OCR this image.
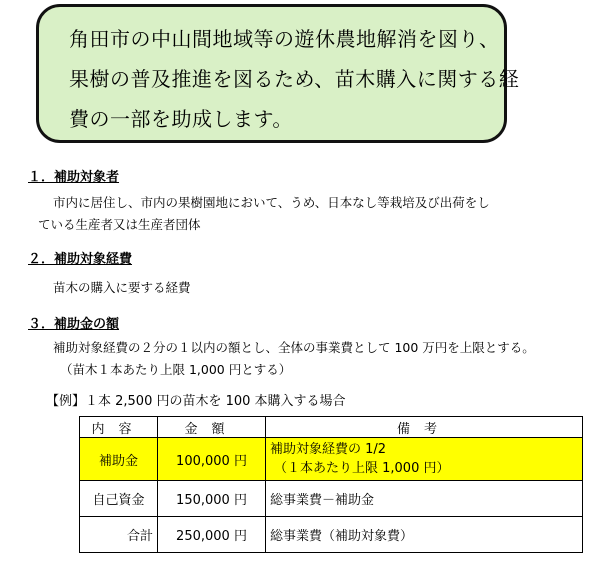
角田市の中山間地域等の遊休農地解消を図り、
果樹の普及推進を図るため、苗木購入に関する経
費の一部を助成します。
１．補助対象者
市内に居住し、市内の果樹園地において、うめ、日本なし等栽培及び出荷をし
ている生産者又は生産者団体
２．補助対象経費
苗木の購入に要する経費
３．補助金の額
補助対象経費の２分の１以内の額とし、全体の事業費として 100 万円を上限とする。
（苗木１本あたり上限 1,000 円とする）
【例】１本 2,500 円の苗木を 100 本購入する場合
内容	金額	備考
補助金	100,000 円	補助対象経費の 1/2
（１本あたり上限 1,000 円）

自己資金	150,000 円	総事業費－補助金
合計	250,000 円	総事業費（補助対象費）
